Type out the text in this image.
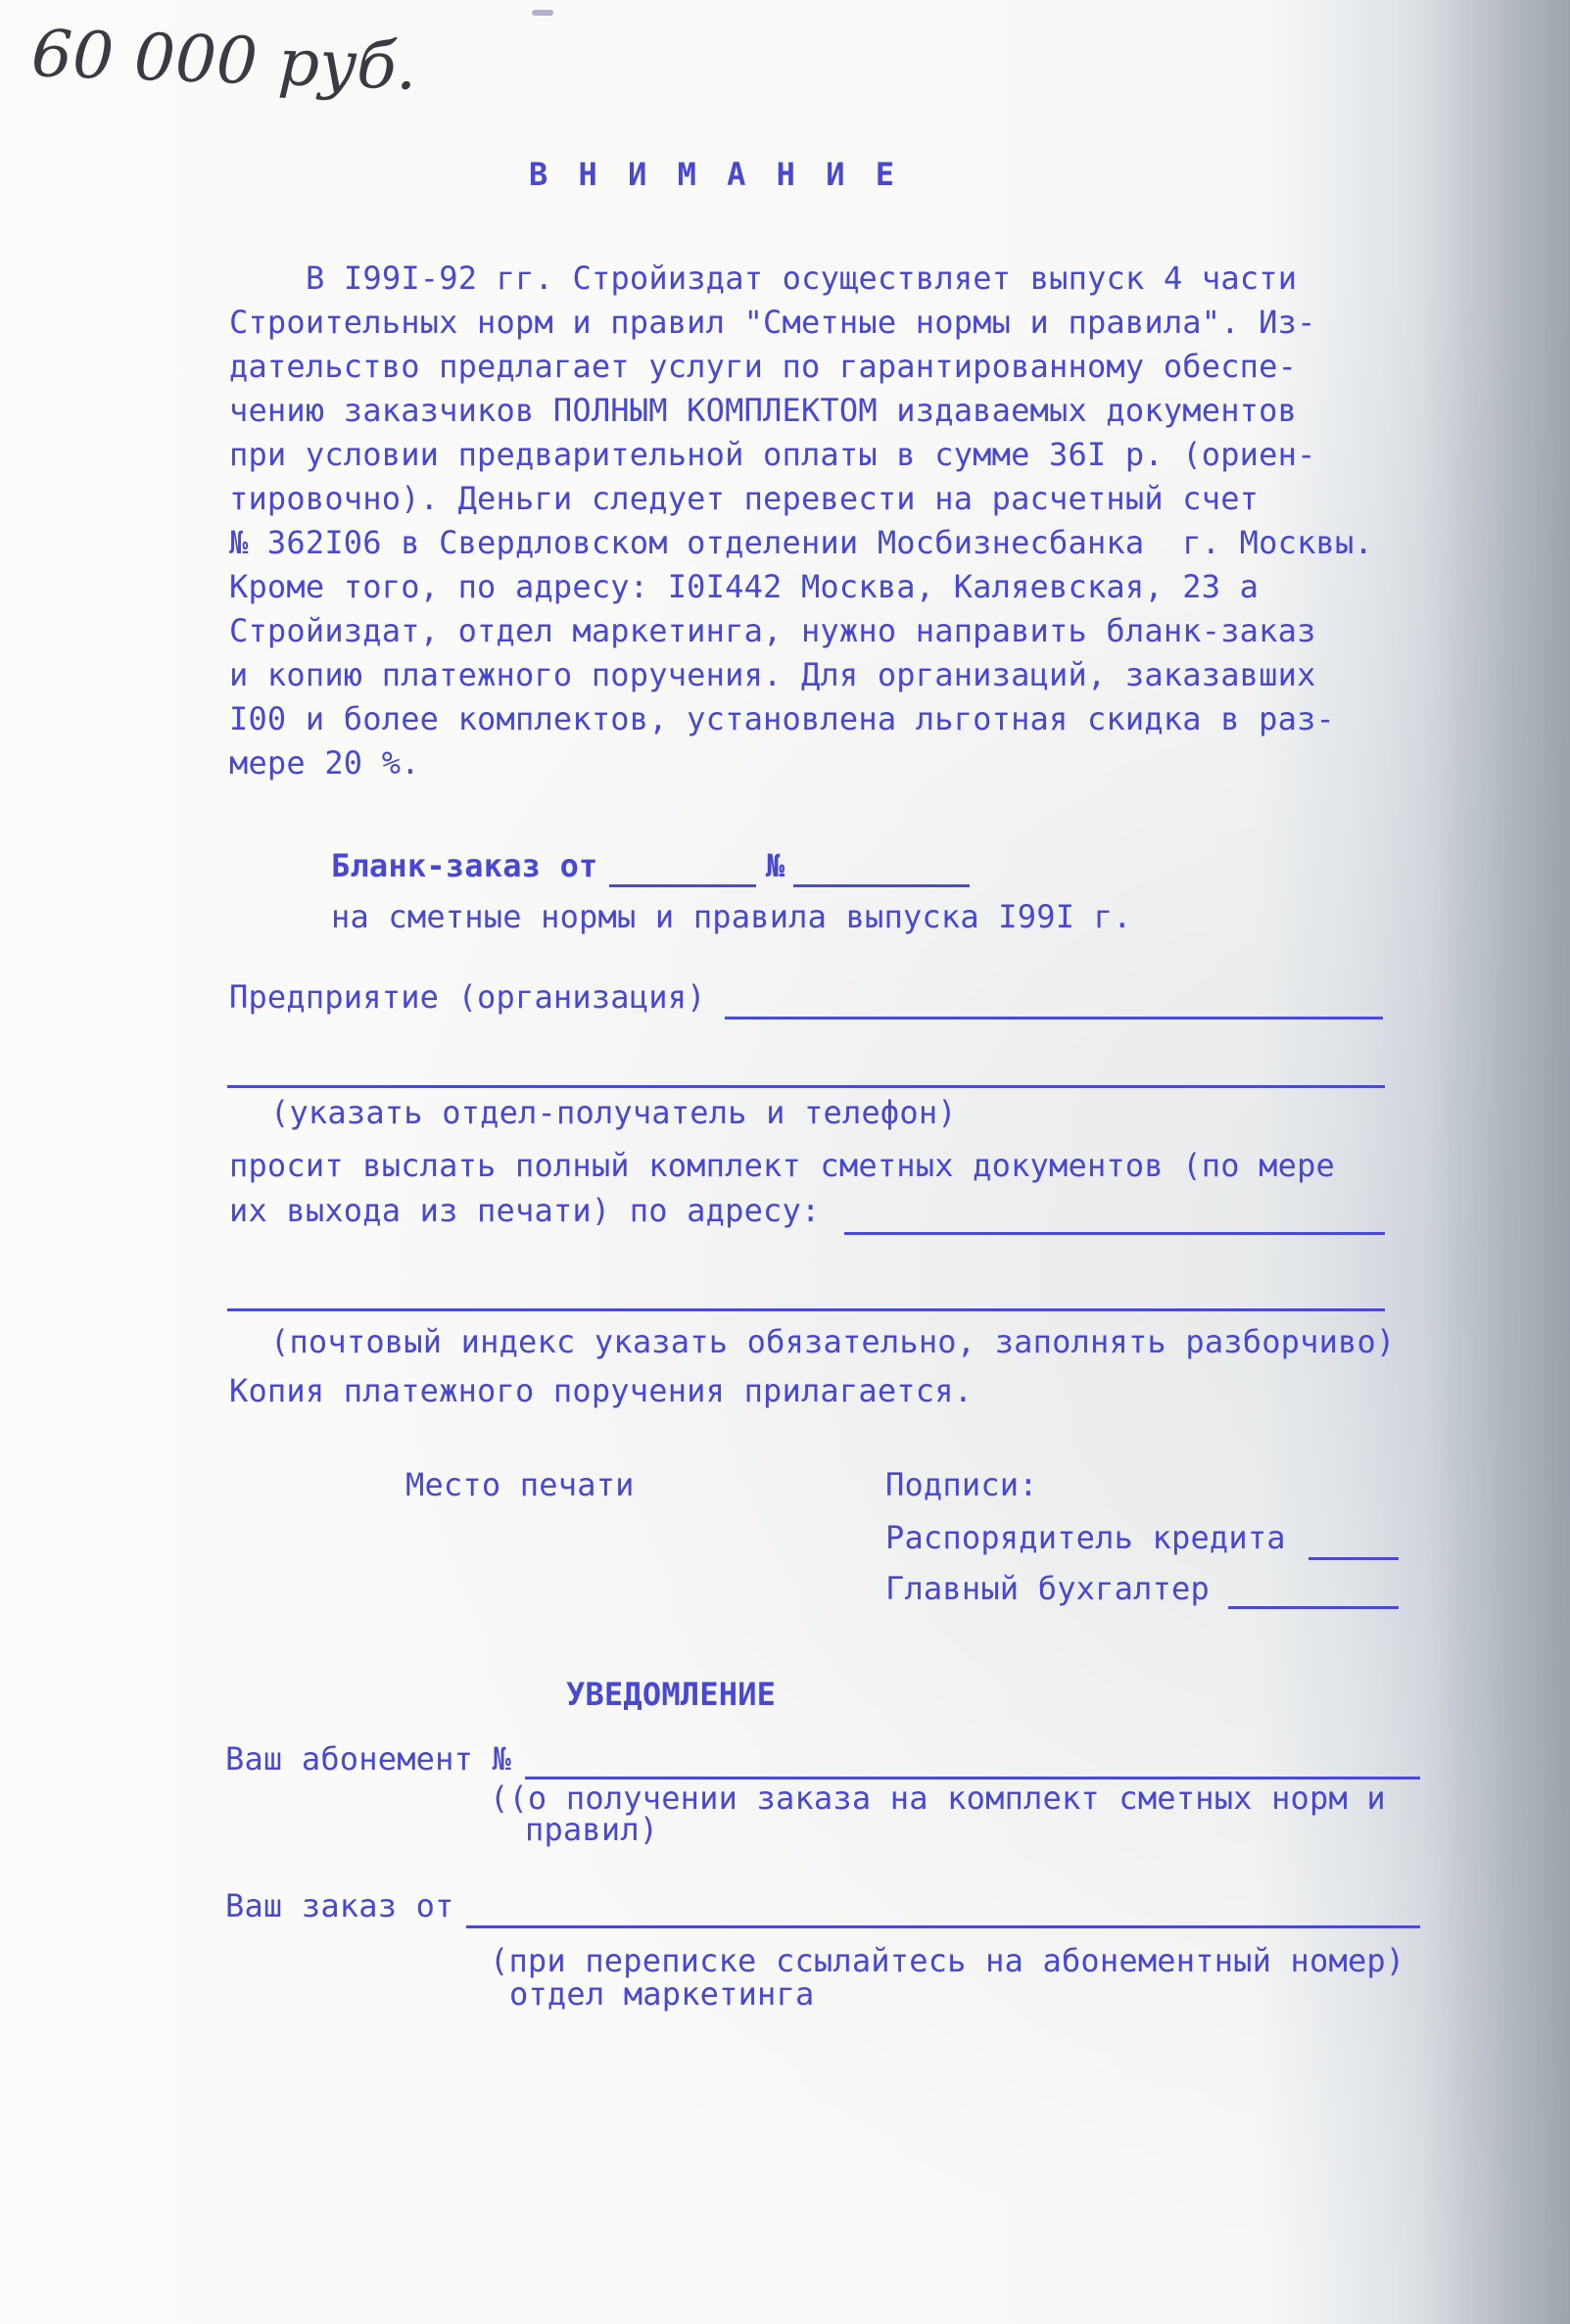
60 000 руб.

В Н И М А Н И Е

В I99I-92 гг. Стройиздат осуществляет выпуск 4 части

Строительных норм и правил "Сметные нормы и правила". Из-

дательство предлагает услуги по гарантированному обеспе-

чению заказчиков ПОЛНЫМ КОМПЛЕКТОМ издаваемых документов

при условии предварительной оплаты в сумме 36I р. (ориен-

тировочно). Деньги следует перевести на расчетный счет

№ 362I06 в Свердловском отделении Мосбизнесбанка  г. Москвы.

Кроме того, по адресу: I0I442 Москва, Каляевская, 23 а

Стройиздат, отдел маркетинга, нужно направить бланк-заказ

и копию платежного поручения. Для организаций, заказавших

I00 и более комплектов, установлена льготная скидка в раз-

мере 20 %.

Бланк-заказ от	№

на сметные нормы и правила выпуска I99I г.

Предприятие (организация)

(указать отдел-получатель и телефон)

просит выслать полный комплект сметных документов (по мере

их выхода из печати) по адресу:

(почтовый индекс указать обязательно, заполнять разборчиво)

Копия платежного поручения прилагается.

Место печати	Подписи:

Распорядитель кредита

Главный бухгалтер

УВЕДОМЛЕНИЕ

Ваш абонемент №

((о получении заказа на комплект сметных норм и

правил)

Ваш заказ от

(при переписке ссылайтесь на абонементный номер)

отдел маркетинга
